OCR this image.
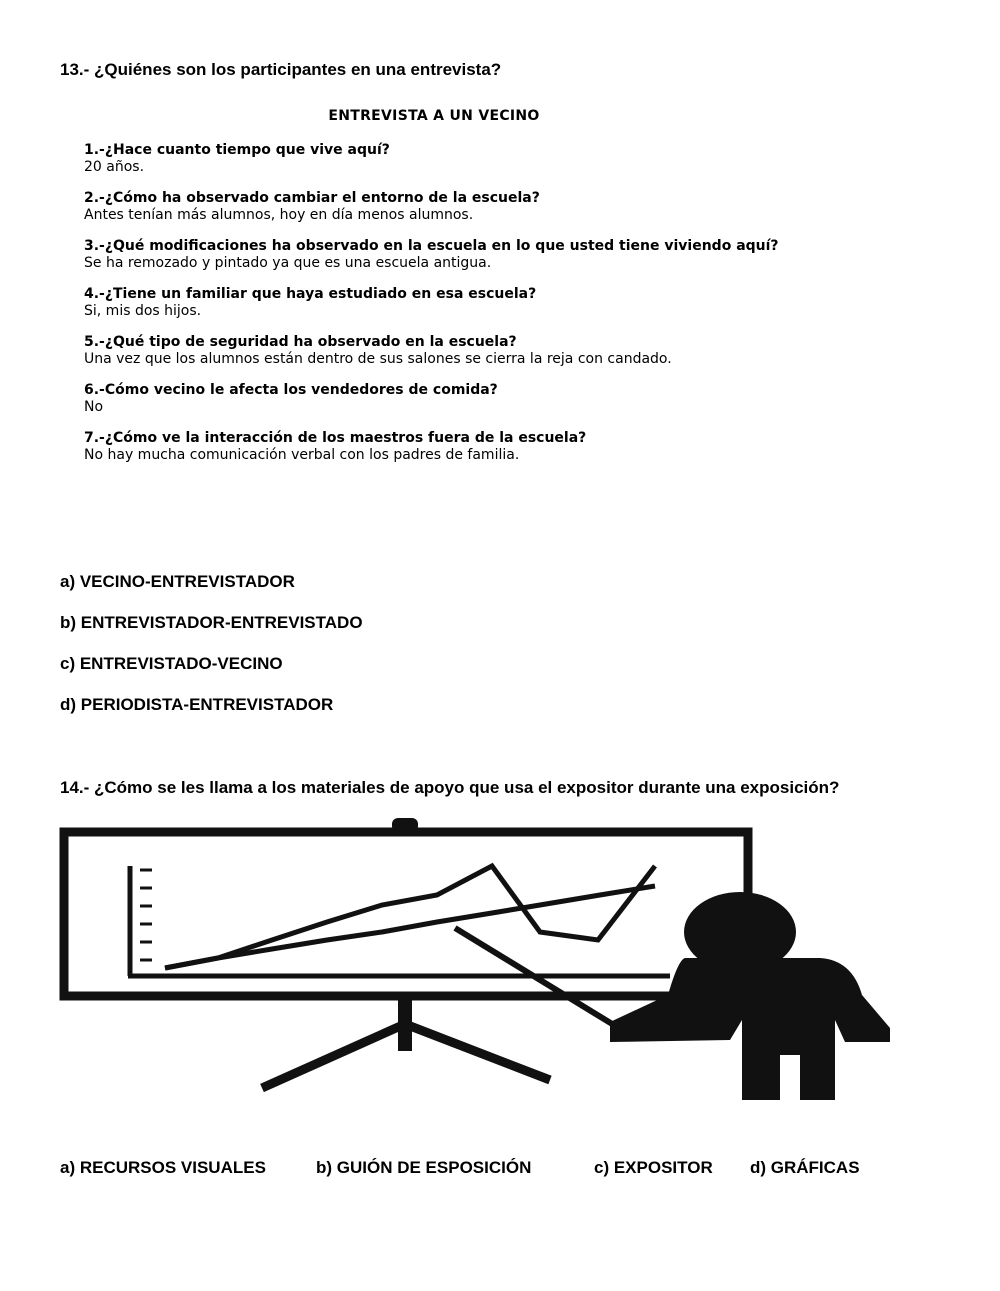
13.- ¿Quiénes son los participantes en una entrevista?

ENTREVISTA A UN VECINO
1.-¿Hace cuanto tiempo que vive aquí?
20 años.
2.-¿Cómo ha observado cambiar el entorno de la escuela?
Antes tenían más alumnos, hoy en día menos alumnos.
3.-¿Qué modificaciones ha observado en la escuela en lo que usted tiene viviendo aquí?
Se ha remozado y pintado ya que es una escuela antigua.
4.-¿Tiene un familiar que haya estudiado en esa escuela?
Si, mis dos hijos.
5.-¿Qué tipo de seguridad ha observado en la escuela?
Una vez que los alumnos están dentro de sus salones se cierra la reja con candado.
6.-Cómo vecino le afecta los vendedores de comida?
No
7.-¿Cómo ve la interacción de los maestros fuera de la escuela?
No hay mucha comunicación verbal con los padres de familia.

a) VECINO-ENTREVISTADOR

b) ENTREVISTADOR-ENTREVISTADO

c) ENTREVISTADO-VECINO

d) PERIODISTA-ENTREVISTADOR

14.- ¿Cómo se les llama a los materiales de apoyo que usa el expositor durante una exposición?

a) RECURSOS VISUALES	b) GUIÓN DE ESPOSICIÓN	c) EXPOSITOR d) GRÁFICAS
